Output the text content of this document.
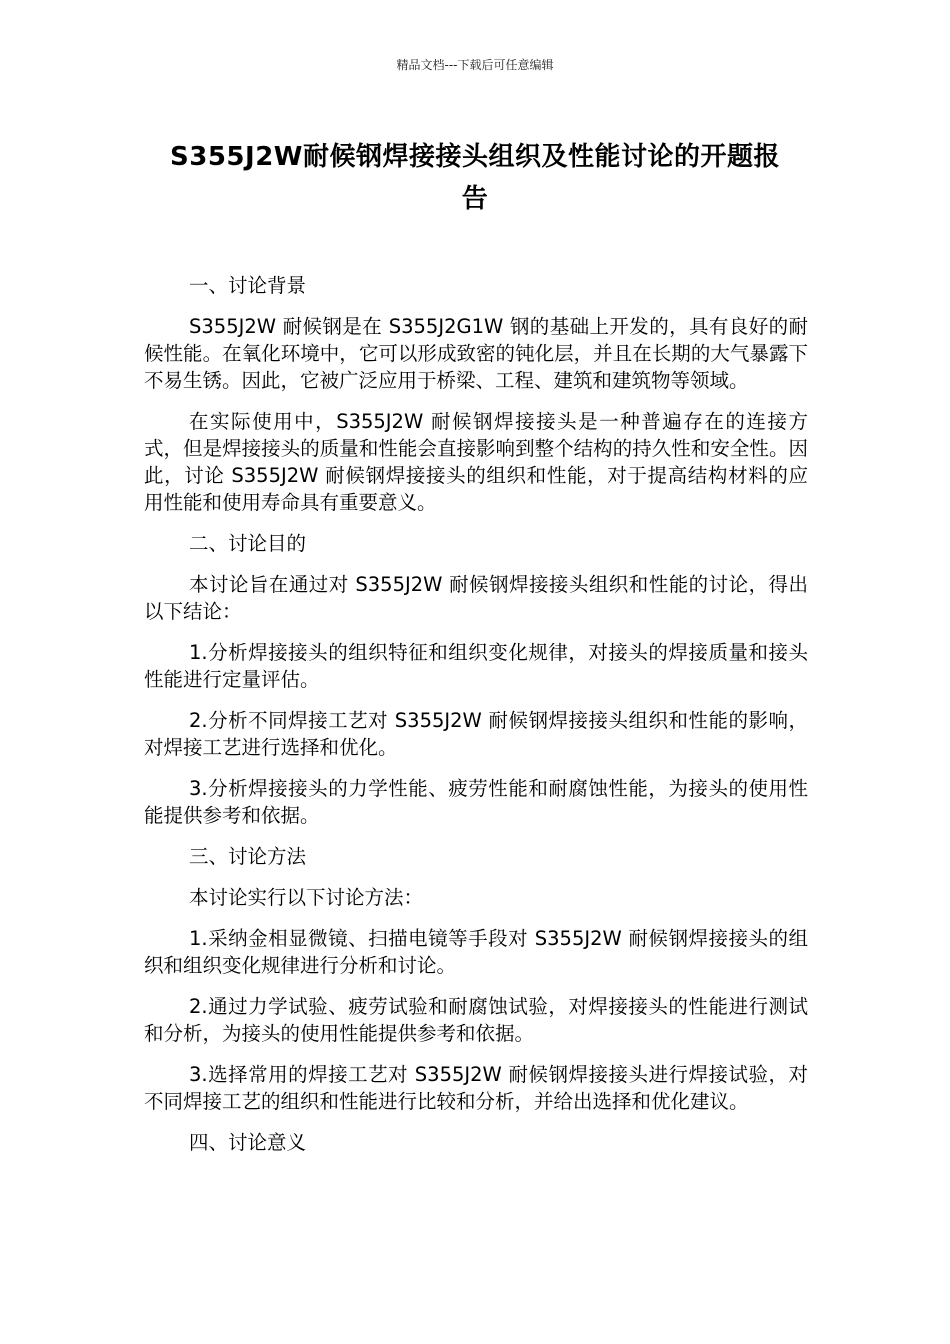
精品文档---下载后可任意编辑
S355J2W耐候钢焊接接头组织及性能讨论的开题报
告

一、讨论背景

S355J2W 耐候钢是在 S355J2G1W 钢的基础上开发的，具有良好的耐候性能。在氧化环境中，它可以形成致密的钝化层，并且在长期的大气暴露下不易生锈。因此，它被广泛应用于桥梁、工程、建筑和建筑物等领域。

在实际使用中，S355J2W 耐候钢焊接接头是一种普遍存在的连接方式，但是焊接接头的质量和性能会直接影响到整个结构的持久性和安全性。因此，讨论 S355J2W 耐候钢焊接接头的组织和性能，对于提高结构材料的应用性能和使用寿命具有重要意义。

二、讨论目的

本讨论旨在通过对 S355J2W 耐候钢焊接接头组织和性能的讨论，得出以下结论：

1.分析焊接接头的组织特征和组织变化规律，对接头的焊接质量和接头性能进行定量评估。

2.分析不同焊接工艺对 S355J2W 耐候钢焊接接头组织和性能的影响，对焊接工艺进行选择和优化。

3.分析焊接接头的力学性能、疲劳性能和耐腐蚀性能，为接头的使用性能提供参考和依据。

三、讨论方法

本讨论实行以下讨论方法：

1.采纳金相显微镜、扫描电镜等手段对 S355J2W 耐候钢焊接接头的组织和组织变化规律进行分析和讨论。

2.通过力学试验、疲劳试验和耐腐蚀试验，对焊接接头的性能进行测试和分析，为接头的使用性能提供参考和依据。

3.选择常用的焊接工艺对 S355J2W 耐候钢焊接接头进行焊接试验，对不同焊接工艺的组织和性能进行比较和分析，并给出选择和优化建议。

四、讨论意义
